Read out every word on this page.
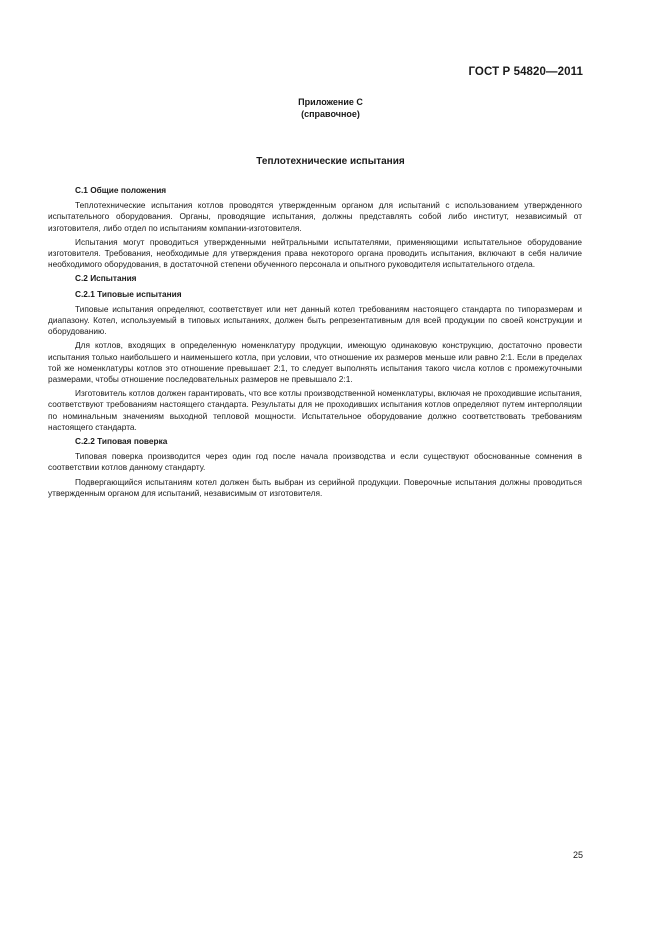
ГОСТ Р 54820—2011
Приложение С
(справочное)
Теплотехнические испытания
С.1 Общие положения

Теплотехнические испытания котлов проводятся утвержденным органом для испытаний с использованием утвержденного испытательного оборудования. Органы, проводящие испытания, должны представлять собой либо институт, независимый от изготовителя, либо отдел по испытаниям компании-изготовителя.

Испытания могут проводиться утвержденными нейтральными испытателями, применяющими испытательное оборудование изготовителя. Требования, необходимые для утверждения права некоторого органа проводить испытания, включают в себя наличие необходимого оборудования, в достаточной степени обученного персонала и опытного руководителя испытательного отдела.

С.2 Испытания
С.2.1 Типовые испытания

Типовые испытания определяют, соответствует или нет данный котел требованиям настоящего стандарта по типоразмерам и диапазону. Котел, используемый в типовых испытаниях, должен быть репрезентативным для всей продукции по своей конструкции и оборудованию.

Для котлов, входящих в определенную номенклатуру продукции, имеющую одинаковую конструкцию, достаточно провести испытания только наибольшего и наименьшего котла, при условии, что отношение их размеров меньше или равно 2:1. Если в пределах той же номенклатуры котлов это отношение превышает 2:1, то следует выполнять испытания такого числа котлов с промежуточными размерами, чтобы отношение последовательных размеров не превышало 2:1.

Изготовитель котлов должен гарантировать, что все котлы производственной номенклатуры, включая не проходившие испытания, соответствуют требованиям настоящего стандарта. Результаты для не проходивших испытания котлов определяют путем интерполяции по номинальным значениям выходной тепловой мощности. Испытательное оборудование должно соответствовать требованиям настоящего стандарта.

С.2.2 Типовая поверка

Типовая поверка производится через один год после начала производства и если существуют обоснованные сомнения в соответствии котлов данному стандарту.

Подвергающийся испытаниям котел должен быть выбран из серийной продукции. Поверочные испытания должны проводиться утвержденным органом для испытаний, независимым от изготовителя.

25
